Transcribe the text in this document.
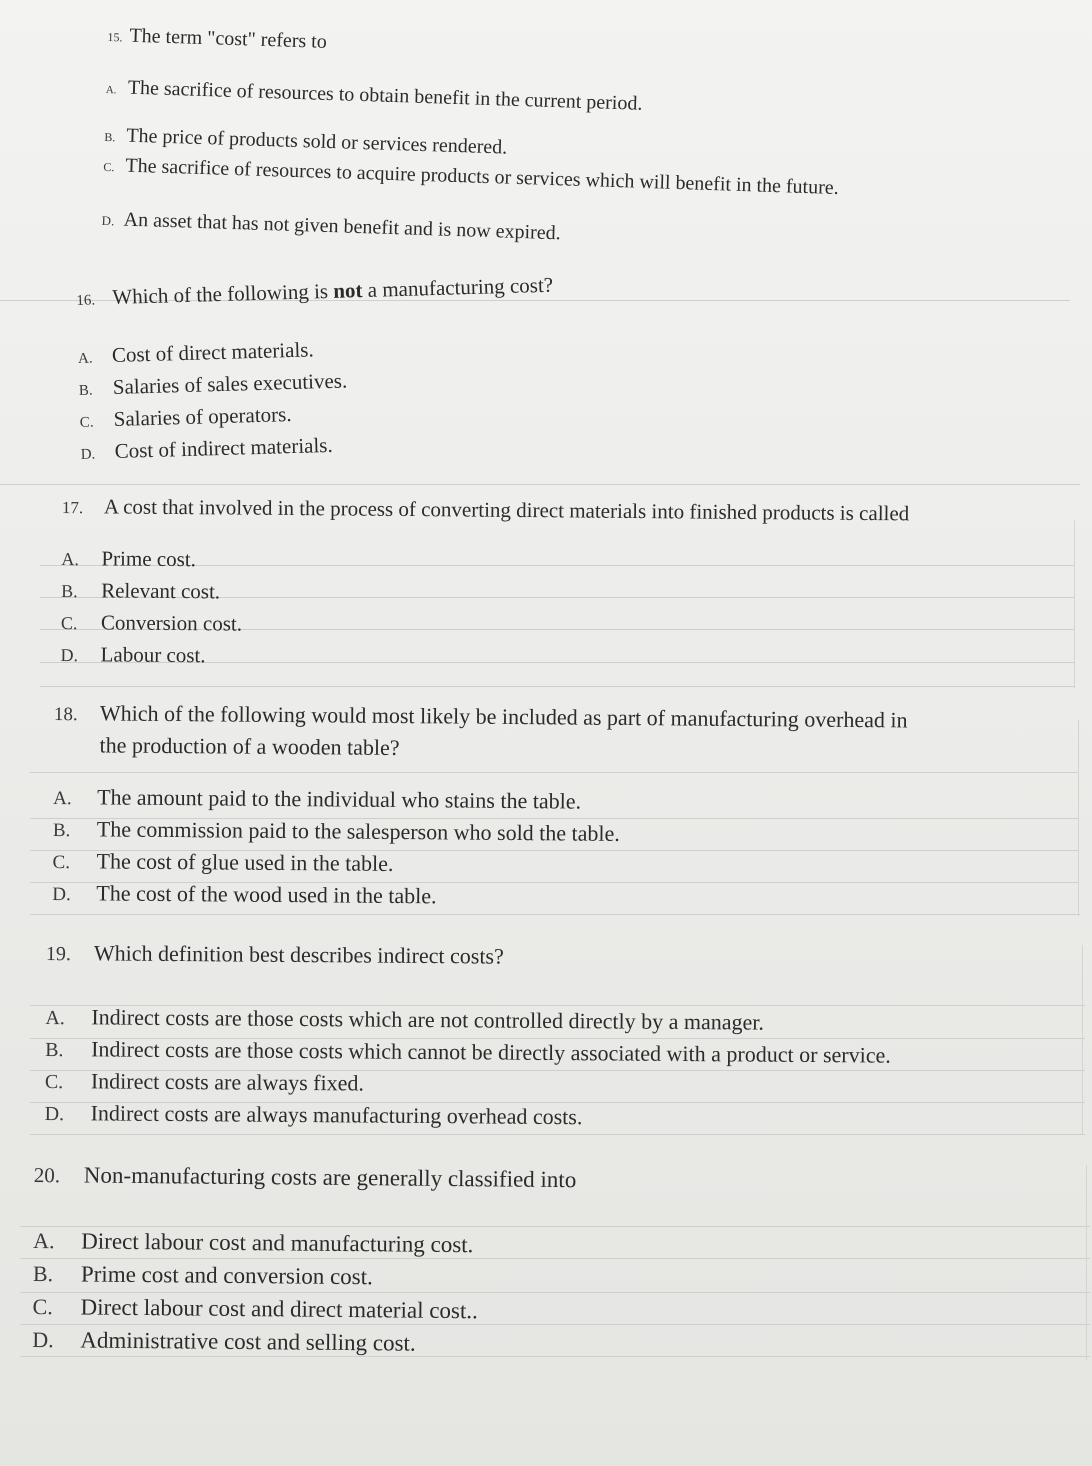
15. The term "cost" refers to
A. The sacrifice of resources to obtain benefit in the current period.
B. The price of products sold or services rendered.
C. The sacrifice of resources to acquire products or services which will benefit in the future.
D. An asset that has not given benefit and is now expired.
16. Which of the following is not a manufacturing cost?
A. Cost of direct materials.
B. Salaries of sales executives.
C. Salaries of operators.
D. Cost of indirect materials.
17. A cost that involved in the process of converting direct materials into finished products is called
A.	Prime cost.
B.	Relevant cost.
C.	Conversion cost.
D.	Labour cost.
18.	Which of the following would most likely be included as part of manufacturing overhead in
the production of a wooden table?
A.	The amount paid to the individual who stains the table.
B.	The commission paid to the salesperson who sold the table.
C.	The cost of glue used in the table.
D.	The cost of the wood used in the table.
19.	Which definition best describes indirect costs?
A.	Indirect costs are those costs which are not controlled directly by a manager.
B.	Indirect costs are those costs which cannot be directly associated with a product or service.
C.	Indirect costs are always fixed.
D.	Indirect costs are always manufacturing overhead costs.
20.	Non-manufacturing costs are generally classified into
A.	Direct labour cost and manufacturing cost.
B.	Prime cost and conversion cost.
C.	Direct labour cost and direct material cost..
D.	Administrative cost and selling cost.
